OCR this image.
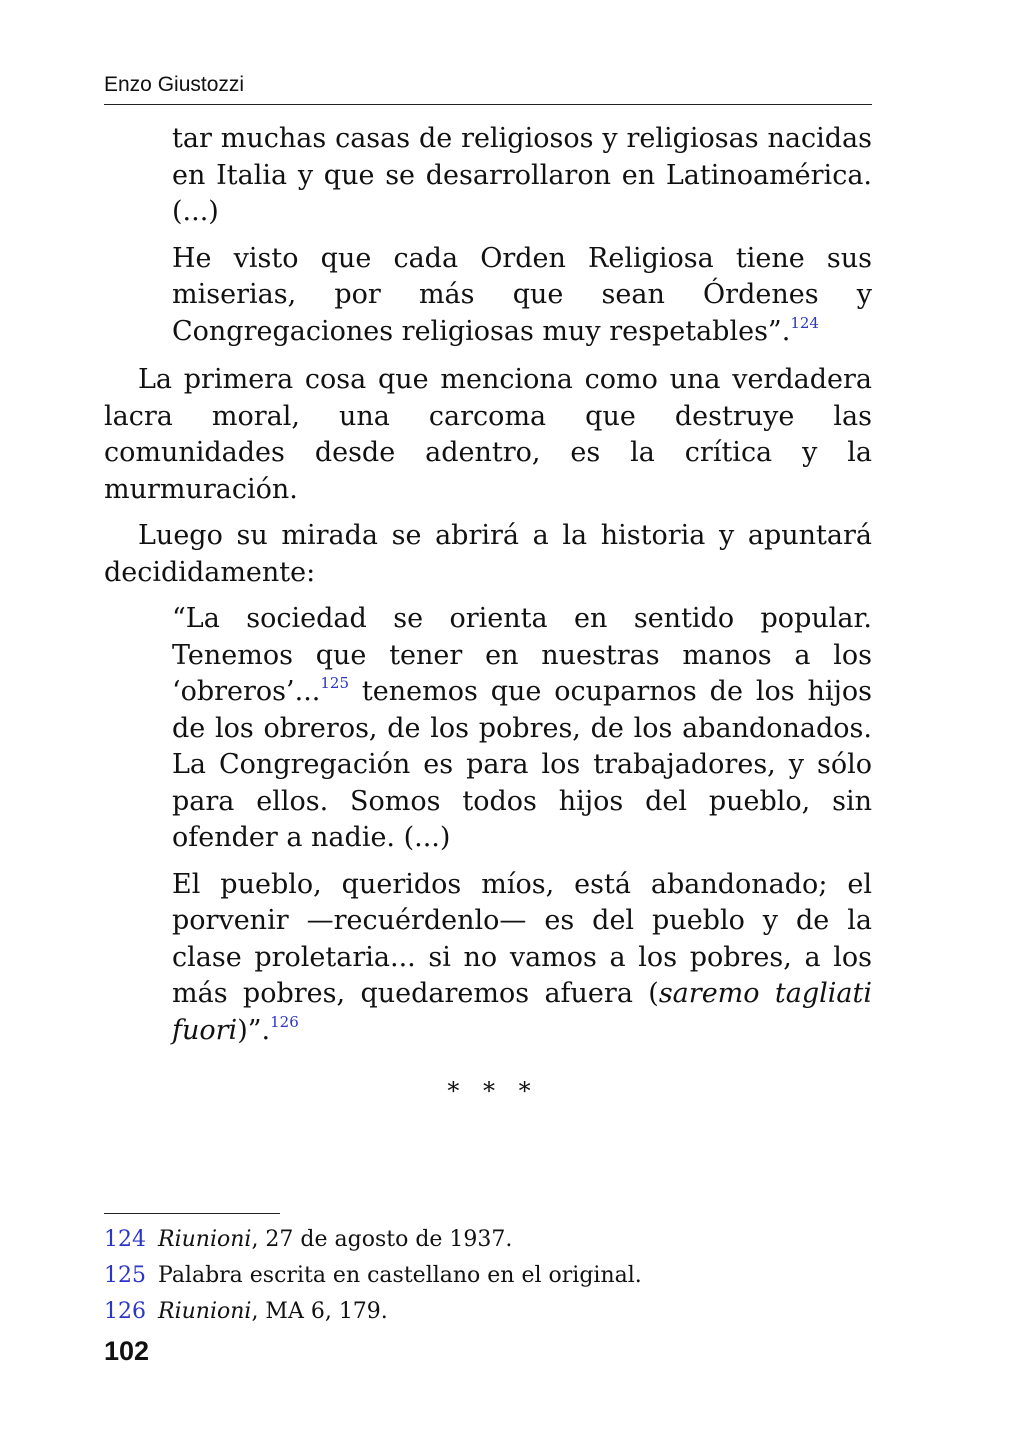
Enzo Giustozzi

tar muchas casas de religiosos y religiosas nacidas en Italia y que se desarrollaron en Latinoamérica. (...)

He visto que cada Orden Religiosa tiene sus miserias, por más que sean Órdenes y Congregaciones religiosas muy respetables”.$^{124}$

La primera cosa que menciona como una verdadera lacra moral, una carcoma que destruye las comunidades desde adentro, es la crítica y la murmuración.

Luego su mirada se abrirá a la historia y apuntará decididamente:

“La sociedad se orienta en sentido popular. Tenemos que tener en nuestras manos a los ‘obreros’...$^{125}$ tenemos que ocuparnos de los hijos de los obreros, de los pobres, de los abandonados. La Congregación es para los trabajadores, y sólo para ellos. Somos todos hijos del pueblo, sin ofender a nadie. (...)

El pueblo, queridos míos, está abandonado; el porvenir —recuérdenlo— es del pueblo y de la clase proletaria... si no vamos a los pobres, a los más pobres, quedaremos afuera (saremo tagliati fuori)”.$^{126}$

* * *
124 Riunioni, 27 de agosto de 1937.
125 Palabra escrita en castellano en el original.
126 Riunioni, MA 6, 179.
102
